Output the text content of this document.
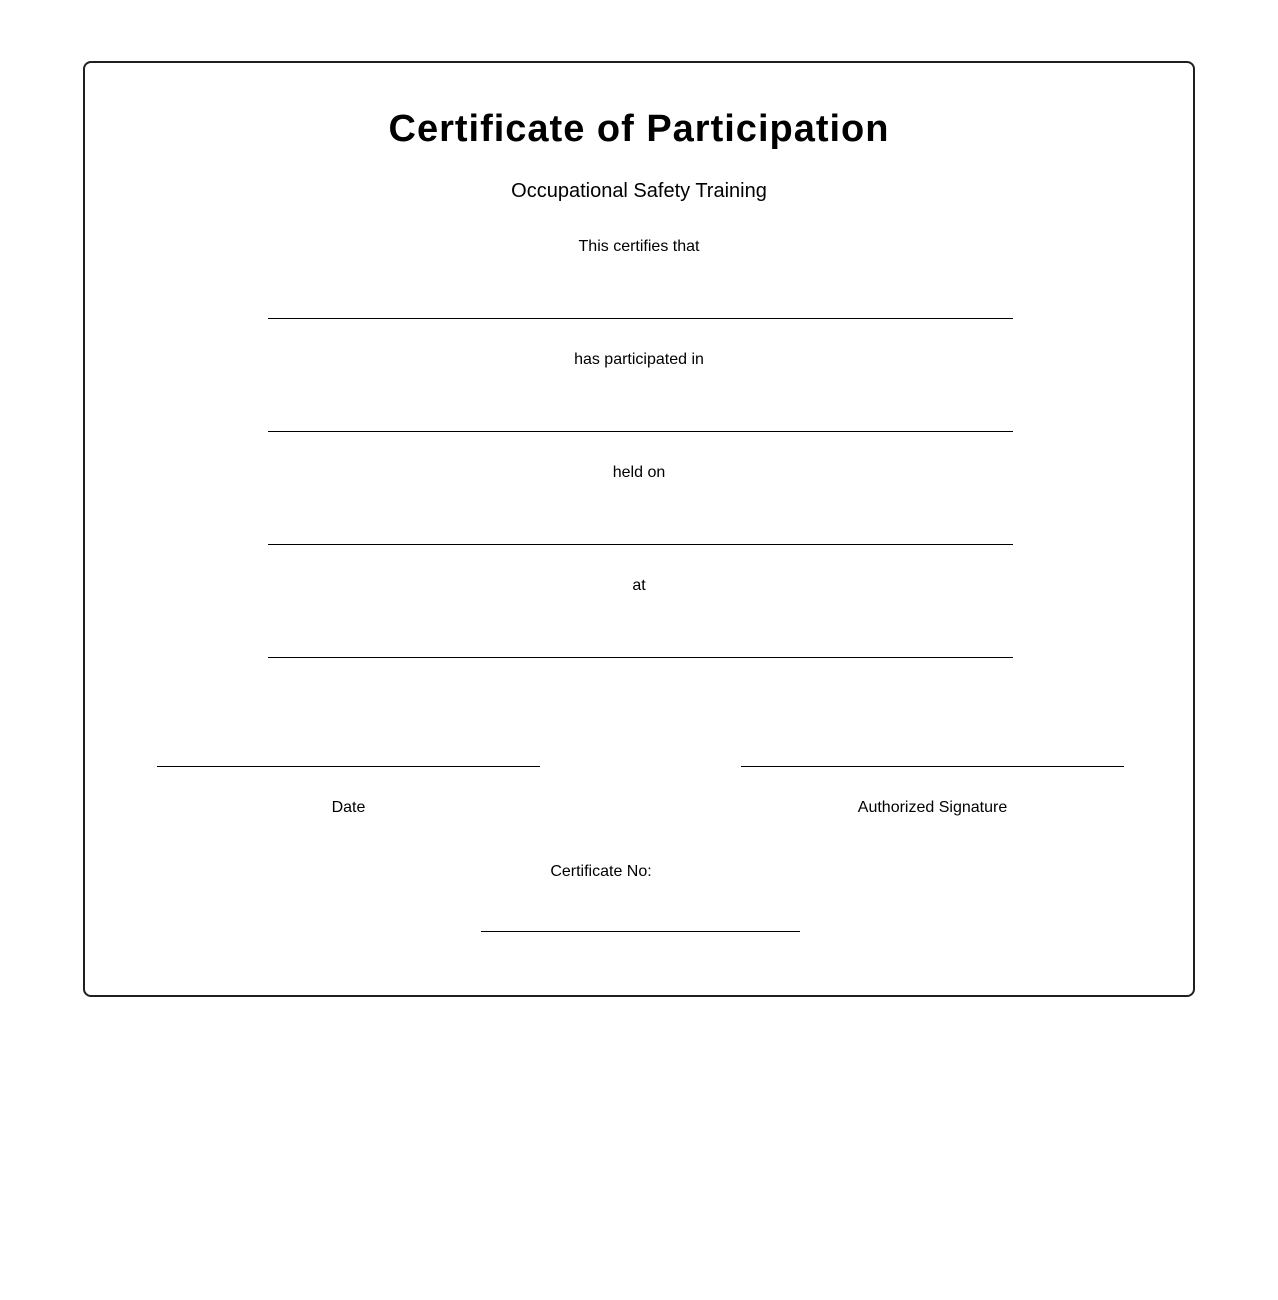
Certificate of Participation
Occupational Safety Training
This certifies that
has participated in
held on
at
Date	Authorized Signature
Certificate No:
